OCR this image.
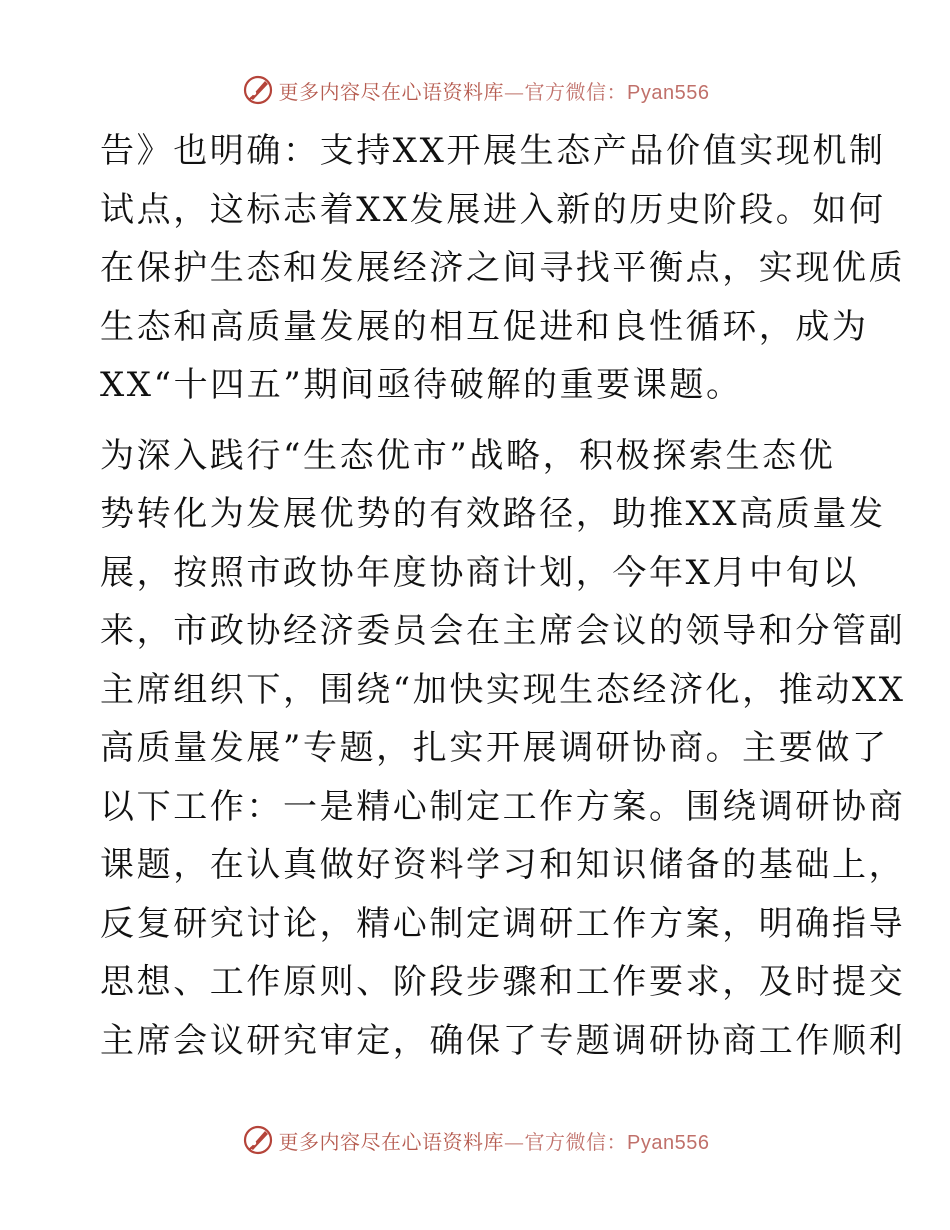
更多内容尽在心语资料库—官方微信：Pyan556

告》也明确：支持XX开展生态产品价值实现机制
试点，这标志着XX发展进入新的历史阶段。如何
在保护生态和发展经济之间寻找平衡点，实现优质
生态和高质量发展的相互促进和良性循环，成为
XX“十四五”期间亟待破解的重要课题。

为深入践行“生态优市”战略，积极探索生态优
势转化为发展优势的有效路径，助推XX高质量发
展，按照市政协年度协商计划，今年X月中旬以
来，市政协经济委员会在主席会议的领导和分管副
主席组织下，围绕“加快实现生态经济化，推动XX
高质量发展”专题，扎实开展调研协商。主要做了
以下工作：一是精心制定工作方案。围绕调研协商
课题，在认真做好资料学习和知识储备的基础上，
反复研究讨论，精心制定调研工作方案，明确指导
思想、工作原则、阶段步骤和工作要求，及时提交
主席会议研究审定，确保了专题调研协商工作顺利

更多内容尽在心语资料库—官方微信：Pyan556
